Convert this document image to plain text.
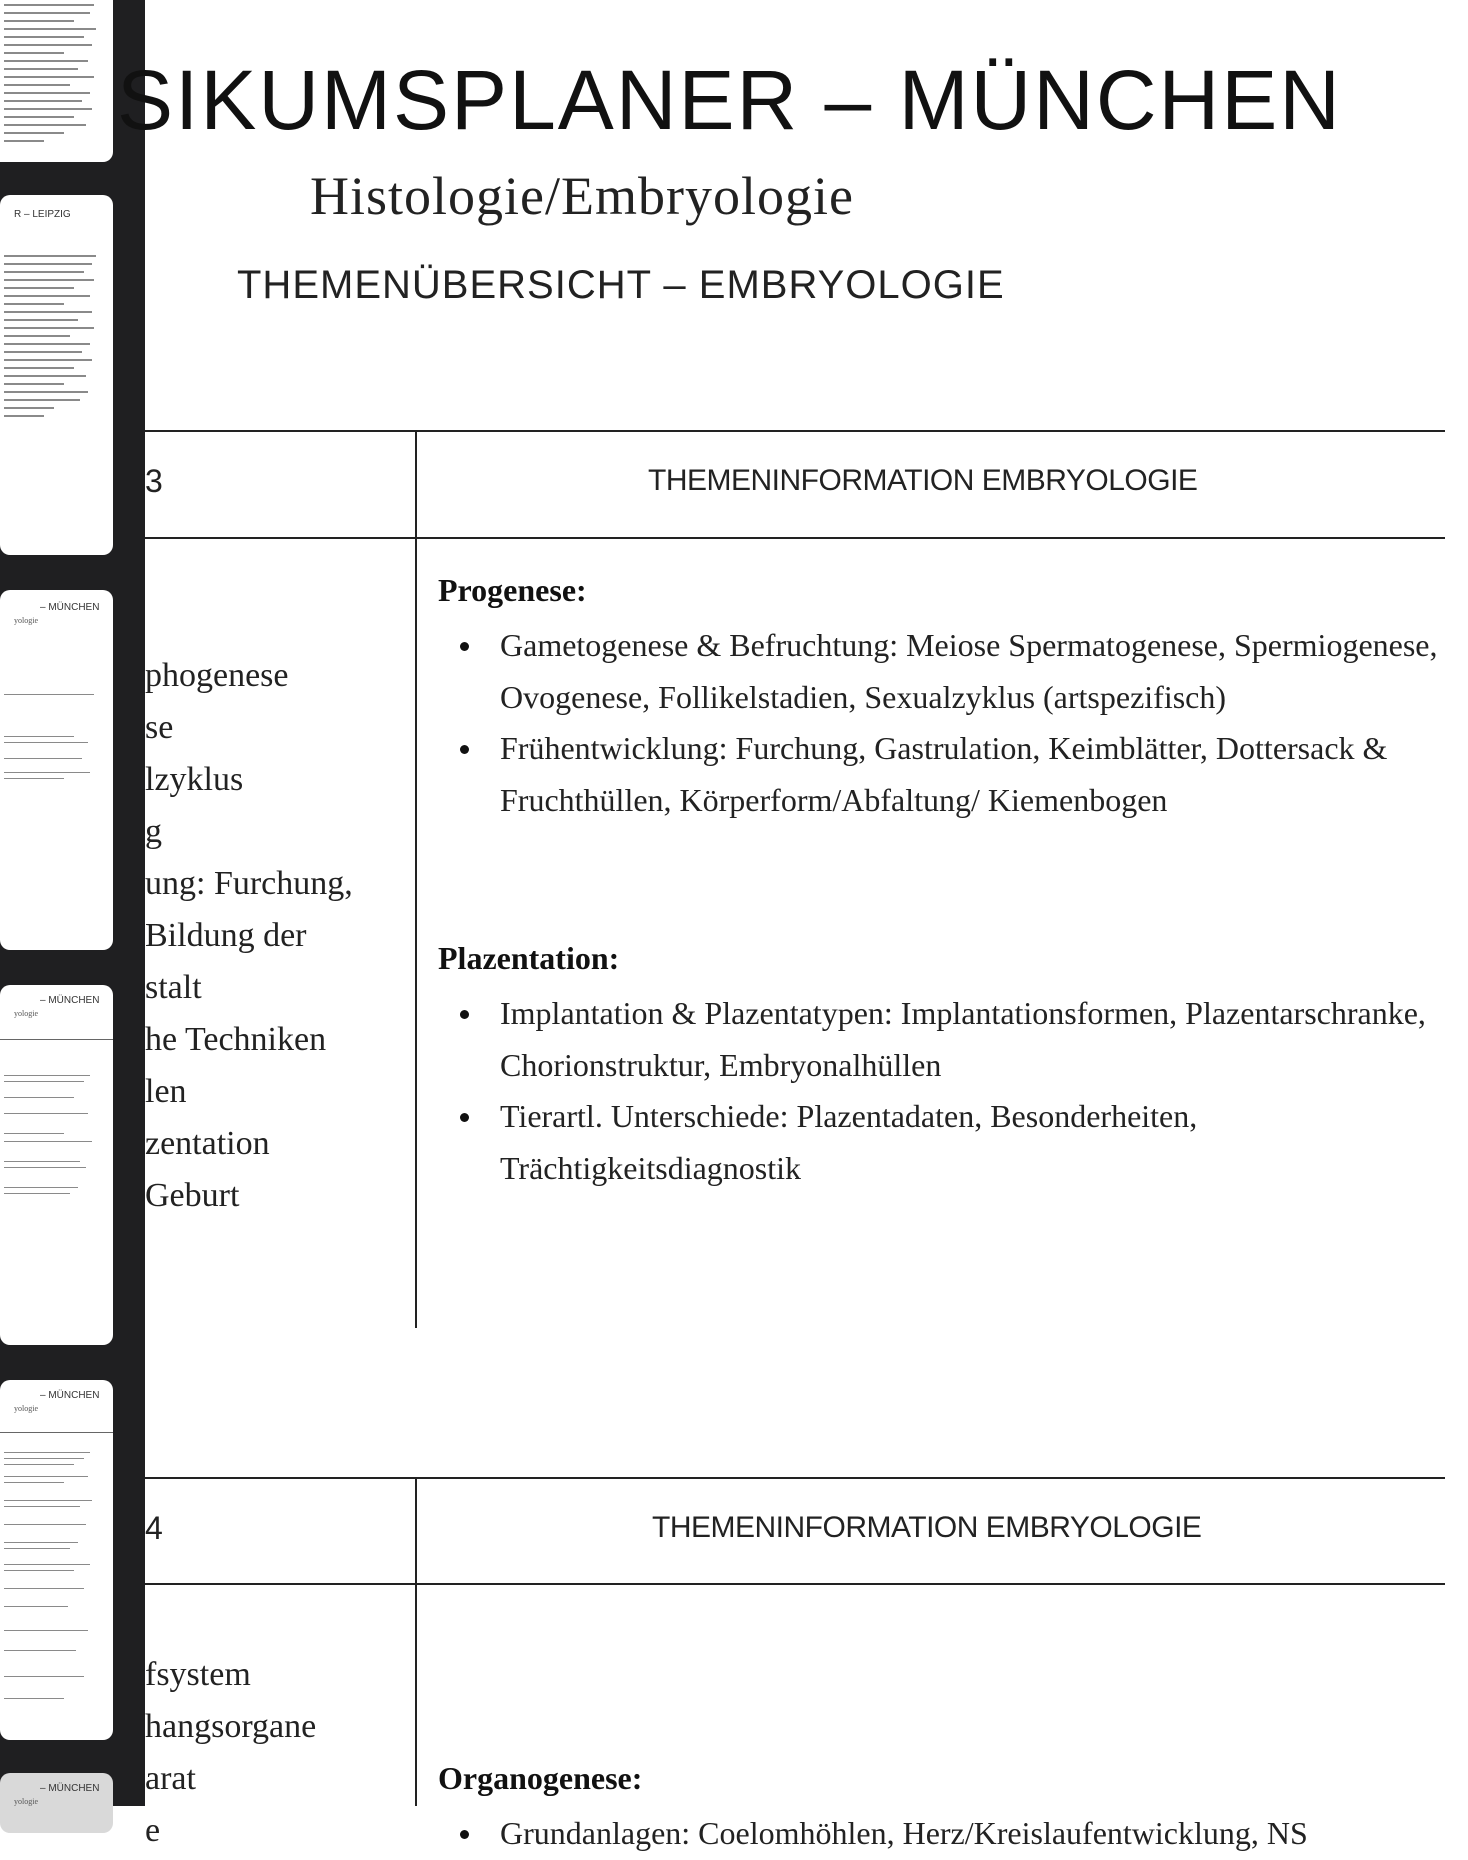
R – LEIPZIG
– MÜNCHEN
yologie
– MÜNCHEN
yologie
– MÜNCHEN
yologie
– MÜNCHEN
yologie
SIKUMSPLANER – MÜNCHEN
Histologie/Embryologie
THEMENÜBERSICHT – EMBRYOLOGIE
3	THEMENINFORMATION EMBRYOLOGIE
phogenese
se
lzyklus
g
ung: Furchung,
Bildung der
stalt
he Techniken
len
zentation
Geburt
Progenese:
Gametogenese & Befruchtung: Meiose Spermatogenese, Spermiogenese, Ovogenese, Follikelstadien, Sexualzyklus (artspezifisch)
Frühentwicklung: Furchung, Gastrulation, Keimblätter, Dottersack & Fruchthüllen, Körperform/Abfaltung/ Kiemenbogen
Plazentation:
Implantation & Plazentatypen: Implantationsformen, Plazentarschranke, Chorionstruktur, Embryonalhüllen
Tierartl. Unterschiede: Plazentadaten, Besonderheiten, Trächtigkeitsdiagnostik
4	THEMENINFORMATION EMBRYOLOGIE
fsystem
hangsorgane
arat
e
Organogenese:
Grundanlagen: Coelomhöhlen, Herz/Kreislaufentwicklung, NS
